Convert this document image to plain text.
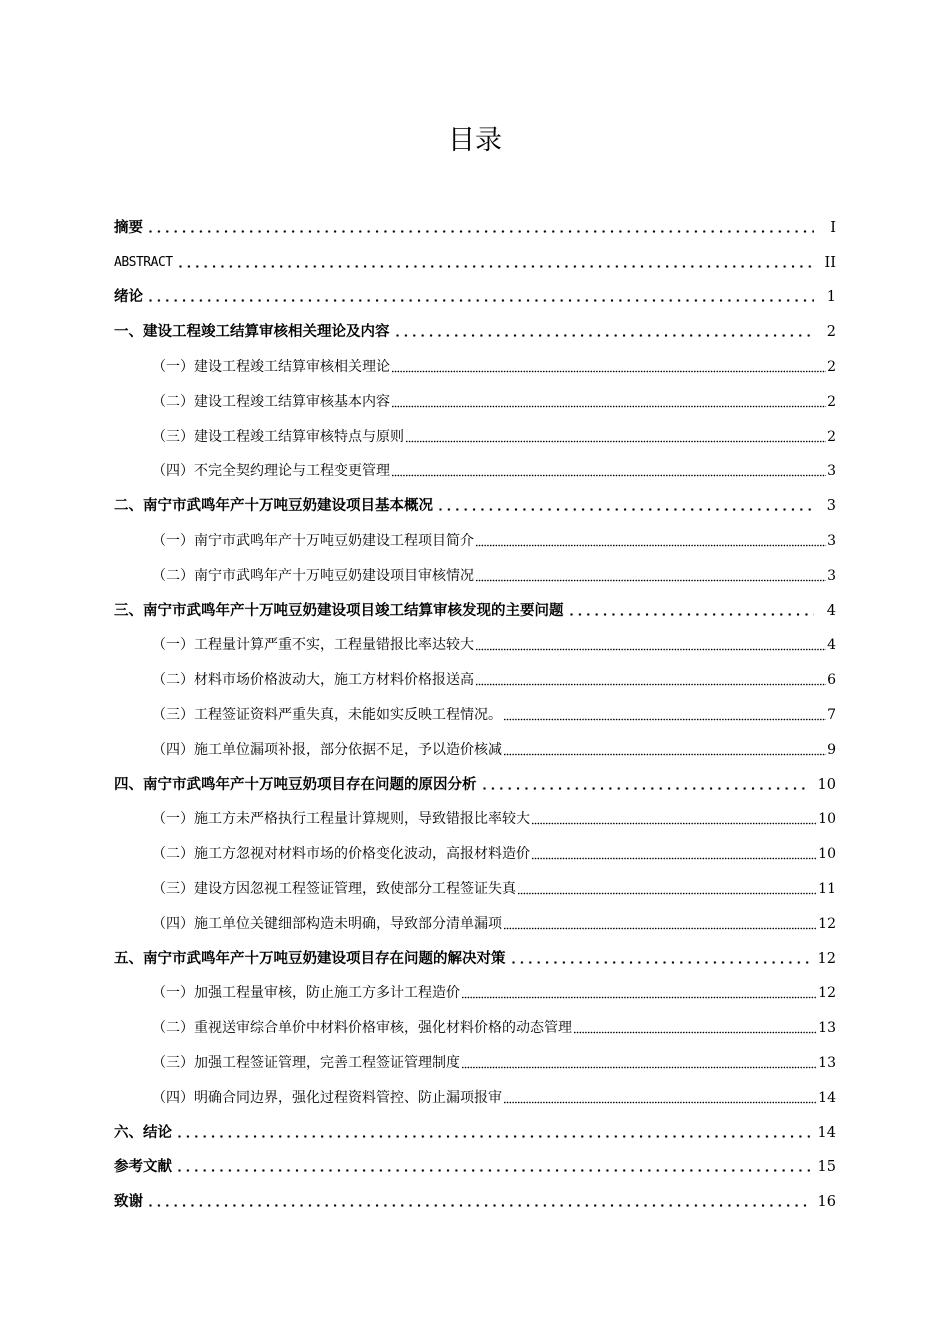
目录
摘要	I
ABSTRACT	II
绪论	1
一、建设工程竣工结算审核相关理论及内容	2
（一）建设工程竣工结算审核相关理论	2
（二）建设工程竣工结算审核基本内容	2
（三）建设工程竣工结算审核特点与原则	2
（四）不完全契约理论与工程变更管理	3
二、南宁市武鸣年产十万吨豆奶建设项目基本概况	3
（一）南宁市武鸣年产十万吨豆奶建设工程项目简介	3
（二）南宁市武鸣年产十万吨豆奶建设项目审核情况	3
三、南宁市武鸣年产十万吨豆奶建设项目竣工结算审核发现的主要问题	4
（一）工程量计算严重不实，工程量错报比率达较大	4
（二）材料市场价格波动大，施工方材料价格报送高	6
（三）工程签证资料严重失真，未能如实反映工程情况。	7
（四）施工单位漏项补报，部分依据不足，予以造价核减	9
四、南宁市武鸣年产十万吨豆奶项目存在问题的原因分析	10
（一）施工方未严格执行工程量计算规则，导致错报比率较大	10
（二）施工方忽视对材料市场的价格变化波动，高报材料造价	10
（三）建设方因忽视工程签证管理，致使部分工程签证失真	11
（四）施工单位关键细部构造未明确，导致部分清单漏项	12
五、南宁市武鸣年产十万吨豆奶建设项目存在问题的解决对策	12
（一）加强工程量审核，防止施工方多计工程造价	12
（二）重视送审综合单价中材料价格审核，强化材料价格的动态管理	13
（三）加强工程签证管理，完善工程签证管理制度	13
（四）明确合同边界，强化过程资料管控、防止漏项报审	14
六、结论	14
参考文献	15
致谢	16
